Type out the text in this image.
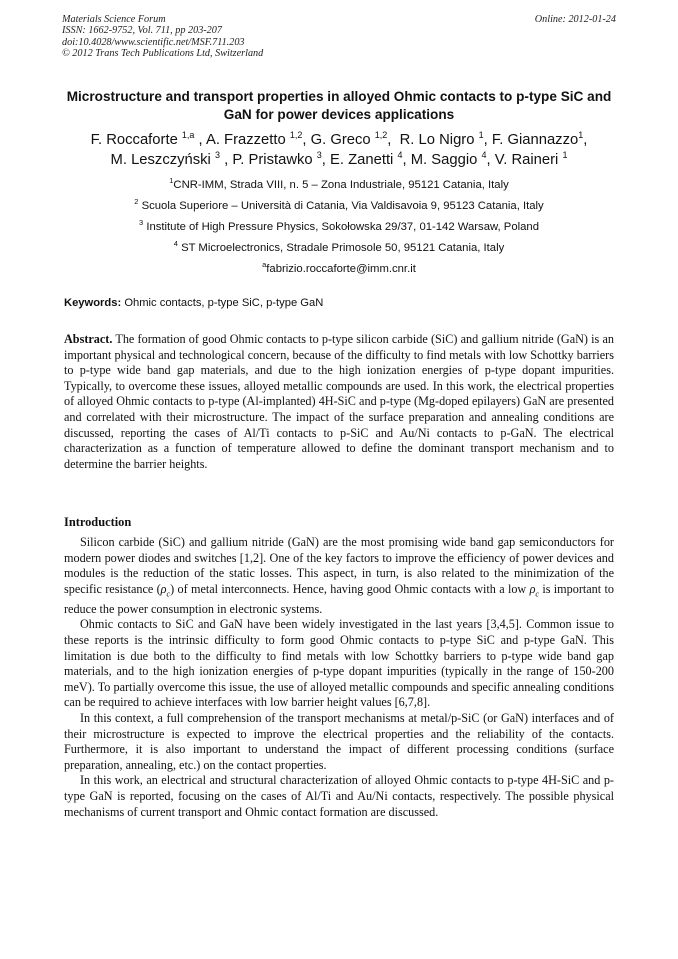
Materials Science Forum	Online: 2012-01-24
ISSN: 1662-9752, Vol. 711, pp 203-207
doi:10.4028/www.scientific.net/MSF.711.203
© 2012 Trans Tech Publications Ltd, Switzerland
Microstructure and transport properties in alloyed Ohmic contacts to p-type SiC and GaN for power devices applications
F. Roccaforte $^{1,a}$ , A. Frazzetto $^{1,2}$, G. Greco $^{1,2}$,  R. Lo Nigro $^1$, F. Giannazzo$^1$,
M. Leszczyński $^3$ , P. Pristawko $^3$, E. Zanetti $^4$, M. Saggio $^4$, V. Raineri $^1$
$^1$CNR-IMM, Strada VIII, n. 5 – Zona Industriale, 95121 Catania, Italy
$^2$ Scuola Superiore – Università di Catania, Via Valdisavoia 9, 95123 Catania, Italy
$^3$ Institute of High Pressure Physics, Sokołowska 29/37, 01-142 Warsaw, Poland
$^4$ ST Microelectronics, Stradale Primosole 50, 95121 Catania, Italy
$^a$fabrizio.roccaforte@imm.cnr.it
Keywords: Ohmic contacts, p-type SiC, p-type GaN

Abstract. The formation of good Ohmic contacts to p-type silicon carbide (SiC) and gallium nitride (GaN) is an important physical and technological concern, because of the difficulty to find metals with low Schottky barriers to p-type wide band gap materials, and due to the high ionization energies of p-type dopant impurities. Typically, to overcome these issues, alloyed metallic compounds are used. In this work, the electrical properties of alloyed Ohmic contacts to p-type (Al-implanted) 4H-SiC and p-type (Mg-doped epilayers) GaN are presented and correlated with their microstructure. The impact of the surface preparation and annealing conditions are discussed, reporting the cases of Al/Ti contacts to p-SiC and Au/Ni contacts to p-GaN. The electrical characterization as a function of temperature allowed to define the dominant transport mechanism and to determine the barrier heights.

Introduction

Silicon carbide (SiC) and gallium nitride (GaN) are the most promising wide band gap semiconductors for modern power diodes and switches [1,2]. One of the key factors to improve the efficiency of power devices and modules is the reduction of the static losses. This aspect, in turn, is also related to the minimization of the specific resistance $(\rho_c)$ of metal interconnects. Hence, having good Ohmic contacts with a low $\rho_c$ is important to reduce the power consumption in electronic systems.

Ohmic contacts to SiC and GaN have been widely investigated in the last years [3,4,5]. Common issue to these reports is the intrinsic difficulty to form good Ohmic contacts to p-type SiC and p-type GaN. This limitation is due both to the difficulty to find metals with low Schottky barriers to p-type wide band gap materials, and to the high ionization energies of p-type dopant impurities (typically in the range of 150-200 meV). To partially overcome this issue, the use of alloyed metallic compounds and specific annealing conditions can be required to achieve interfaces with low barrier height values [6,7,8].

In this context, a full comprehension of the transport mechanisms at metal/p-SiC (or GaN) interfaces and of their microstructure is expected to improve the electrical properties and the reliability of the contacts. Furthermore, it is also important to understand the impact of different processing conditions (surface preparation, annealing, etc.) on the contact properties.

In this work, an electrical and structural characterization of alloyed Ohmic contacts to p-type 4H-SiC and p-type GaN is reported, focusing on the cases of Al/Ti and Au/Ni contacts, respectively. The possible physical mechanisms of current transport and Ohmic contact formation are discussed.
